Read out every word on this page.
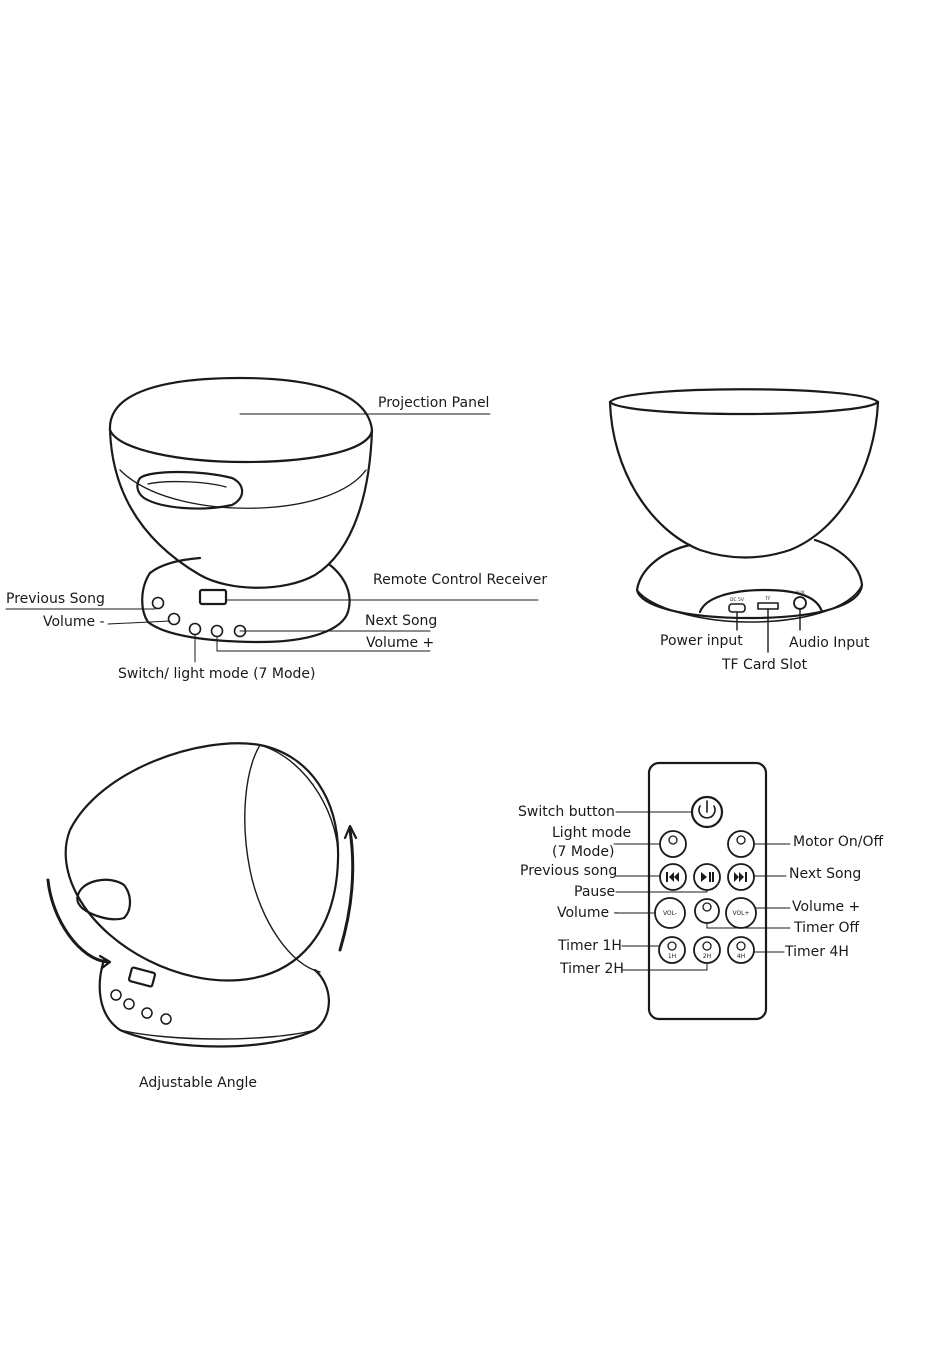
VOL-	VOL+
1H	2H	4H
DC 5V	TF
AUX
Projection Panel
Remote Control Receiver
Previous Song
Volume -	Next Song
Volume +
Switch/ light mode (7 Mode)
Power input
TF Card Slot
Audio Input
Adjustable Angle
Switch button
Light mode
(7 Mode)
Motor On/Off
Previous song	Next Song
Pause
Volume -	Volume +
Timer Off
Timer 1H	Timer 4H
Timer 2H
